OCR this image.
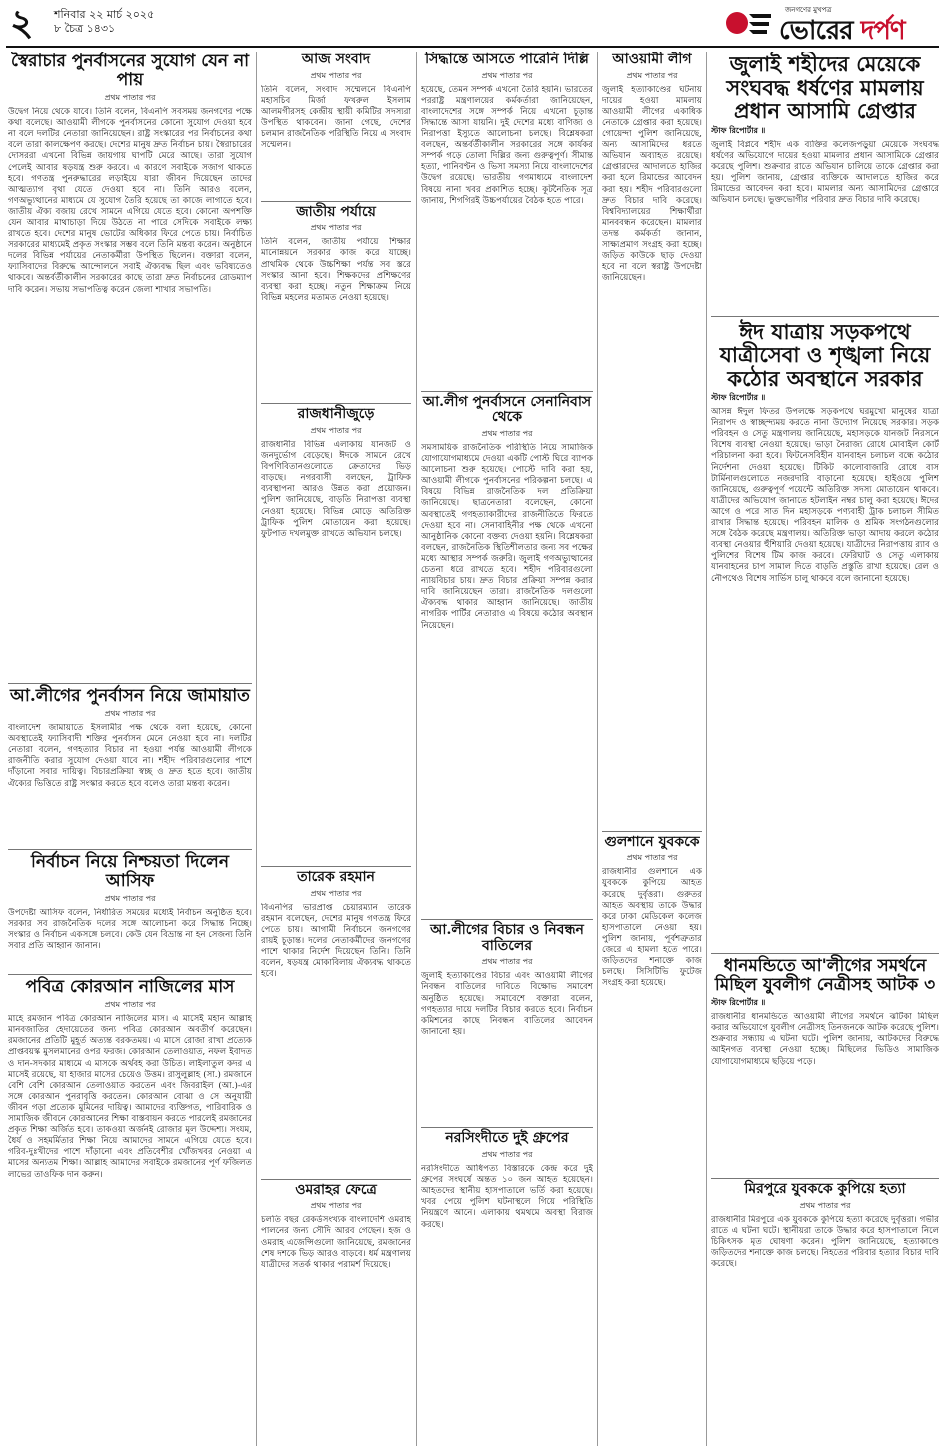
২ শনিবার ২২ মার্চ ২০২৫
৮ চৈত্র ১৪৩১
জনগণের মুখপত্র
ভোরের দর্পণ
স্বৈরাচার পুনর্বাসনের সুযোগ যেন না পায়
প্রথম পাতার পর
উদ্বেগ নিয়ে থেকে যাবে। তিনি বলেন, বিএনপি সবসময় জনগণের পক্ষে কথা বলেছে। আওয়ামী লীগকে পুনর্বাসনের কোনো সুযোগ দেওয়া হবে না বলে দলটির নেতারা জানিয়েছেন। রাষ্ট্র সংস্কারের পর নির্বাচনের কথা বলে তারা কালক্ষেপণ করছে। দেশের মানুষ দ্রুত নির্বাচন চায়। স্বৈরাচারের দোসররা এখনো বিভিন্ন জায়গায় ঘাপটি মেরে আছে। তারা সুযোগ পেলেই আবার ষড়যন্ত্র শুরু করবে। এ কারণে সবাইকে সজাগ থাকতে হবে। গণতন্ত্র পুনরুদ্ধারের লড়াইয়ে যারা জীবন দিয়েছেন তাদের আত্মত্যাগ বৃথা যেতে দেওয়া হবে না। তিনি আরও বলেন, গণঅভ্যুত্থানের মাধ্যমে যে সুযোগ তৈরি হয়েছে তা কাজে লাগাতে হবে। জাতীয় ঐক্য বজায় রেখে সামনে এগিয়ে যেতে হবে। কোনো অপশক্তি যেন আবার মাথাচাড়া দিয়ে উঠতে না পারে সেদিকে সবাইকে লক্ষ্য রাখতে হবে। দেশের মানুষ ভোটের অধিকার ফিরে পেতে চায়। নির্বাচিত সরকারের মাধ্যমেই প্রকৃত সংস্কার সম্ভব বলে তিনি মন্তব্য করেন। অনুষ্ঠানে দলের বিভিন্ন পর্যায়ের নেতাকর্মীরা উপস্থিত ছিলেন। বক্তারা বলেন, ফ্যাসিবাদের বিরুদ্ধে আন্দোলনে সবাই ঐক্যবদ্ধ ছিল এবং ভবিষ্যতেও থাকবে। অন্তর্বর্তীকালীন সরকারের কাছে তারা দ্রুত নির্বাচনের রোডম্যাপ দাবি করেন। সভায় সভাপতিত্ব করেন জেলা শাখার সভাপতি।
আ.লীগের পুনর্বাসন নিয়ে জামায়াত
প্রথম পাতার পর
বাংলাদেশ জামায়াতে ইসলামীর পক্ষ থেকে বলা হয়েছে, কোনো অবস্থাতেই ফ্যাসিবাদী শক্তির পুনর্বাসন মেনে নেওয়া হবে না। দলটির নেতারা বলেন, গণহত্যার বিচার না হওয়া পর্যন্ত আওয়ামী লীগকে রাজনীতি করার সুযোগ দেওয়া যাবে না। শহীদ পরিবারগুলোর পাশে দাঁড়ানো সবার দায়িত্ব। বিচারপ্রক্রিয়া স্বচ্ছ ও দ্রুত হতে হবে। জাতীয় ঐক্যের ভিত্তিতে রাষ্ট্র সংস্কার করতে হবে বলেও তারা মন্তব্য করেন।
নির্বাচন নিয়ে নিশ্চয়তা দিলেন আসিফ
প্রথম পাতার পর
উপদেষ্টা আসিফ বলেন, নির্ধারিত সময়ের মধ্যেই নির্বাচন অনুষ্ঠিত হবে। সরকার সব রাজনৈতিক দলের সঙ্গে আলোচনা করে সিদ্ধান্ত নিচ্ছে। সংস্কার ও নির্বাচন একসঙ্গে চলবে। কেউ যেন বিভ্রান্ত না হন সেজন্য তিনি সবার প্রতি আহ্বান জানান।
পবিত্র কোরআন নাজিলের মাস
প্রথম পাতার পর
মাহে রমজান পবিত্র কোরআন নাজিলের মাস। এ মাসেই মহান আল্লাহ মানবজাতির হেদায়েতের জন্য পবিত্র কোরআন অবতীর্ণ করেছেন। রমজানের প্রতিটি মুহূর্ত অত্যন্ত বরকতময়। এ মাসে রোজা রাখা প্রত্যেক প্রাপ্তবয়স্ক মুসলমানের ওপর ফরজ। কোরআন তেলাওয়াত, নফল ইবাদত ও দান-সদকার মাধ্যমে এ মাসকে অর্থবহ করা উচিত। লাইলাতুল কদর এ মাসেই রয়েছে, যা হাজার মাসের চেয়েও উত্তম। রাসুলুল্লাহ (সা.) রমজানে বেশি বেশি কোরআন তেলাওয়াত করতেন এবং জিবরাইল (আ.)-এর সঙ্গে কোরআন পুনরাবৃত্তি করতেন। কোরআন বোঝা ও সে অনুযায়ী জীবন গড়া প্রত্যেক মুমিনের দায়িত্ব। আমাদের ব্যক্তিগত, পারিবারিক ও সামাজিক জীবনে কোরআনের শিক্ষা বাস্তবায়ন করতে পারলেই রমজানের প্রকৃত শিক্ষা অর্জিত হবে। তাকওয়া অর্জনই রোজার মূল উদ্দেশ্য। সংযম, ধৈর্য ও সহমর্মিতার শিক্ষা নিয়ে আমাদের সামনে এগিয়ে যেতে হবে। গরিব-দুঃখীদের পাশে দাঁড়ানো এবং প্রতিবেশীর খোঁজখবর নেওয়া এ মাসের অন্যতম শিক্ষা। আল্লাহ আমাদের সবাইকে রমজানের পূর্ণ ফজিলত লাভের তাওফিক দান করুন।
আজ সংবাদ
প্রথম পাতার পর
তিনি বলেন, সংবাদ সম্মেলনে বিএনপি মহাসচিব মির্জা ফখরুল ইসলাম আলমগীরসহ কেন্দ্রীয় স্থায়ী কমিটির সদস্যরা উপস্থিত থাকবেন। জানা গেছে, দেশের চলমান রাজনৈতিক পরিস্থিতি নিয়ে এ সংবাদ সম্মেলন।
জাতীয় পর্যায়ে
প্রথম পাতার পর
তিনি বলেন, জাতীয় পর্যায়ে শিক্ষার মানোন্নয়নে সরকার কাজ করে যাচ্ছে। প্রাথমিক থেকে উচ্চশিক্ষা পর্যন্ত সব স্তরে সংস্কার আনা হবে। শিক্ষকদের প্রশিক্ষণের ব্যবস্থা করা হচ্ছে। নতুন শিক্ষাক্রম নিয়ে বিভিন্ন মহলের মতামত নেওয়া হয়েছে।
রাজধানীজুড়ে
প্রথম পাতার পর
রাজধানীর বিভিন্ন এলাকায় যানজট ও জনদুর্ভোগ বেড়েছে। ঈদকে সামনে রেখে বিপণিবিতানগুলোতে ক্রেতাদের ভিড় বাড়ছে। নগরবাসী বলছেন, ট্রাফিক ব্যবস্থাপনা আরও উন্নত করা প্রয়োজন। পুলিশ জানিয়েছে, বাড়তি নিরাপত্তা ব্যবস্থা নেওয়া হয়েছে। বিভিন্ন মোড়ে অতিরিক্ত ট্রাফিক পুলিশ মোতায়েন করা হয়েছে। ফুটপাত দখলমুক্ত রাখতে অভিযান চলছে।
তারেক রহমান
প্রথম পাতার পর
বিএনপির ভারপ্রাপ্ত চেয়ারম্যান তারেক রহমান বলেছেন, দেশের মানুষ গণতন্ত্র ফিরে পেতে চায়। আগামী নির্বাচনে জনগণের রায়ই চূড়ান্ত। দলের নেতাকর্মীদের জনগণের পাশে থাকার নির্দেশ দিয়েছেন তিনি। তিনি বলেন, ষড়যন্ত্র মোকাবিলায় ঐক্যবদ্ধ থাকতে হবে।
ওমরাহর ফেত্রে
প্রথম পাতার পর
চলতি বছর রেকর্ডসংখ্যক বাংলাদেশি ওমরাহ পালনের জন্য সৌদি আরব গেছেন। হজ ও ওমরাহ এজেন্সিগুলো জানিয়েছে, রমজানের শেষ দশকে ভিড় আরও বাড়বে। ধর্ম মন্ত্রণালয় যাত্রীদের সতর্ক থাকার পরামর্শ দিয়েছে।
সিদ্ধান্তে আসতে পারেনি দিল্লি
প্রথম পাতার পর
হয়েছে, তেমন সম্পর্ক এখনো তৈরি হয়নি। ভারতের পররাষ্ট্র মন্ত্রণালয়ের কর্মকর্তারা জানিয়েছেন, বাংলাদেশের সঙ্গে সম্পর্ক নিয়ে এখনো চূড়ান্ত সিদ্ধান্তে আসা যায়নি। দুই দেশের মধ্যে বাণিজ্য ও নিরাপত্তা ইস্যুতে আলোচনা চলছে। বিশ্লেষকরা বলছেন, অন্তর্বর্তীকালীন সরকারের সঙ্গে কার্যকর সম্পর্ক গড়ে তোলা দিল্লির জন্য গুরুত্বপূর্ণ। সীমান্ত হত্যা, পানিবণ্টন ও ভিসা সমস্যা নিয়ে বাংলাদেশের উদ্বেগ রয়েছে। ভারতীয় গণমাধ্যমে বাংলাদেশ বিষয়ে নানা খবর প্রকাশিত হচ্ছে। কূটনৈতিক সূত্র জানায়, শিগগিরই উচ্চপর্যায়ের বৈঠক হতে পারে।
আ.লীগ পুনর্বাসনে সেনানিবাস থেকে
প্রথম পাতার পর
সমসাময়িক রাজনৈতিক পরিস্থিতি নিয়ে সামাজিক যোগাযোগমাধ্যমে দেওয়া একটি পোস্ট ঘিরে ব্যাপক আলোচনা শুরু হয়েছে। পোস্টে দাবি করা হয়, আওয়ামী লীগকে পুনর্বাসনের পরিকল্পনা চলছে। এ বিষয়ে বিভিন্ন রাজনৈতিক দল প্রতিক্রিয়া জানিয়েছে। ছাত্রনেতারা বলেছেন, কোনো অবস্থাতেই গণহত্যাকারীদের রাজনীতিতে ফিরতে দেওয়া হবে না। সেনাবাহিনীর পক্ষ থেকে এখনো আনুষ্ঠানিক কোনো বক্তব্য দেওয়া হয়নি। বিশ্লেষকরা বলছেন, রাজনৈতিক স্থিতিশীলতার জন্য সব পক্ষের মধ্যে আস্থার সম্পর্ক জরুরি। জুলাই গণঅভ্যুত্থানের চেতনা ধরে রাখতে হবে। শহীদ পরিবারগুলো ন্যায়বিচার চায়। দ্রুত বিচার প্রক্রিয়া সম্পন্ন করার দাবি জানিয়েছেন তারা। রাজনৈতিক দলগুলো ঐক্যবদ্ধ থাকার আহ্বান জানিয়েছে। জাতীয় নাগরিক পার্টির নেতারাও এ বিষয়ে কঠোর অবস্থান নিয়েছেন।
আ.লীগের বিচার ও নিবন্ধন বাতিলের
প্রথম পাতার পর
জুলাই হত্যাকাণ্ডের বিচার এবং আওয়ামী লীগের নিবন্ধন বাতিলের দাবিতে বিক্ষোভ সমাবেশ অনুষ্ঠিত হয়েছে। সমাবেশে বক্তারা বলেন, গণহত্যার দায়ে দলটির বিচার করতে হবে। নির্বাচন কমিশনের কাছে নিবন্ধন বাতিলের আবেদন জানানো হয়।
নরসিংদীতে দুই গ্রুপের
প্রথম পাতার পর
নরসিংদীতে আধিপত্য বিস্তারকে কেন্দ্র করে দুই গ্রুপের সংঘর্ষে অন্তত ১০ জন আহত হয়েছেন। আহতদের স্থানীয় হাসপাতালে ভর্তি করা হয়েছে। খবর পেয়ে পুলিশ ঘটনাস্থলে গিয়ে পরিস্থিতি নিয়ন্ত্রণে আনে। এলাকায় থমথমে অবস্থা বিরাজ করছে।
আওয়ামী লীগ
প্রথম পাতার পর
জুলাই হত্যাকাণ্ডের ঘটনায় দায়ের হওয়া মামলায় আওয়ামী লীগের একাধিক নেতাকে গ্রেপ্তার করা হয়েছে। গোয়েন্দা পুলিশ জানিয়েছে, অন্য আসামিদের ধরতে অভিযান অব্যাহত রয়েছে। গ্রেপ্তারদের আদালতে হাজির করা হলে রিমান্ডের আবেদন করা হয়। শহীদ পরিবারগুলো দ্রুত বিচার দাবি করেছে। বিশ্ববিদ্যালয়ের শিক্ষার্থীরা মানববন্ধন করেছেন। মামলার তদন্ত কর্মকর্তা জানান, সাক্ষ্যপ্রমাণ সংগ্রহ করা হচ্ছে। জড়িত কাউকে ছাড় দেওয়া হবে না বলে স্বরাষ্ট্র উপদেষ্টা জানিয়েছেন।
গুলশানে যুবককে
প্রথম পাতার পর
রাজধানীর গুলশানে এক যুবককে কুপিয়ে আহত করেছে দুর্বৃত্তরা। গুরুতর আহত অবস্থায় তাকে উদ্ধার করে ঢাকা মেডিকেল কলেজ হাসপাতালে নেওয়া হয়। পুলিশ জানায়, পূর্বশত্রুতার জেরে এ হামলা হতে পারে। জড়িতদের শনাক্তে কাজ চলছে। সিসিটিভি ফুটেজ সংগ্রহ করা হয়েছে।
জুলাই শহীদের মেয়েকে সংঘবদ্ধ ধর্ষণের মামলায় প্রধান আসামি গ্রেপ্তার
স্টাফ রিপোর্টার ॥
জুলাই বিপ্লবে শহীদ এক ব্যক্তির কলেজপড়ুয়া মেয়েকে সংঘবদ্ধ ধর্ষণের অভিযোগে দায়ের হওয়া মামলার প্রধান আসামিকে গ্রেপ্তার করেছে পুলিশ। শুক্রবার রাতে অভিযান চালিয়ে তাকে গ্রেপ্তার করা হয়। পুলিশ জানায়, গ্রেপ্তার ব্যক্তিকে আদালতে হাজির করে রিমান্ডের আবেদন করা হবে। মামলার অন্য আসামিদের গ্রেপ্তারে অভিযান চলছে। ভুক্তভোগীর পরিবার দ্রুত বিচার দাবি করেছে।
ঈদ যাত্রায় সড়কপথে যাত্রীসেবা ও শৃঙ্খলা নিয়ে কঠোর অবস্থানে সরকার
স্টাফ রিপোর্টার ॥
আসন্ন ঈদুল ফিতর উপলক্ষে সড়কপথে ঘরমুখো মানুষের যাত্রা নিরাপদ ও স্বাচ্ছন্দ্যময় করতে নানা উদ্যোগ নিয়েছে সরকার। সড়ক পরিবহন ও সেতু মন্ত্রণালয় জানিয়েছে, মহাসড়কে যানজট নিরসনে বিশেষ ব্যবস্থা নেওয়া হয়েছে। ভাড়া নৈরাজ্য রোধে মোবাইল কোর্ট পরিচালনা করা হবে। ফিটনেসবিহীন যানবাহন চলাচল বন্ধে কঠোর নির্দেশনা দেওয়া হয়েছে। টিকিট কালোবাজারি রোধে বাস টার্মিনালগুলোতে নজরদারি বাড়ানো হয়েছে। হাইওয়ে পুলিশ জানিয়েছে, গুরুত্বপূর্ণ পয়েন্টে অতিরিক্ত সদস্য মোতায়েন থাকবে। যাত্রীদের অভিযোগ জানাতে হটলাইন নম্বর চালু করা হয়েছে। ঈদের আগে ও পরে সাত দিন মহাসড়কে পণ্যবাহী ট্রাক চলাচল সীমিত রাখার সিদ্ধান্ত হয়েছে। পরিবহন মালিক ও শ্রমিক সংগঠনগুলোর সঙ্গে বৈঠক করেছে মন্ত্রণালয়। অতিরিক্ত ভাড়া আদায় করলে কঠোর ব্যবস্থা নেওয়ার হুঁশিয়ারি দেওয়া হয়েছে। যাত্রীদের নিরাপত্তায় র‌্যাব ও পুলিশের বিশেষ টিম কাজ করবে। ফেরিঘাট ও সেতু এলাকায় যানবাহনের চাপ সামাল দিতে বাড়তি প্রস্তুতি রাখা হয়েছে। রেল ও নৌপথেও বিশেষ সার্ভিস চালু থাকবে বলে জানানো হয়েছে।
ধানমন্ডিতে আ'লীগের সমর্থনে মিছিল যুবলীগ নেত্রীসহ আটক ৩
স্টাফ রিপোর্টার ॥
রাজধানীর ধানমন্ডিতে আওয়ামী লীগের সমর্থনে ঝটিকা মিছিল করার অভিযোগে যুবলীগ নেত্রীসহ তিনজনকে আটক করেছে পুলিশ। শুক্রবার সন্ধ্যায় এ ঘটনা ঘটে। পুলিশ জানায়, আটকদের বিরুদ্ধে আইনগত ব্যবস্থা নেওয়া হচ্ছে। মিছিলের ভিডিও সামাজিক যোগাযোগমাধ্যমে ছড়িয়ে পড়ে।
মিরপুরে যুবককে কুপিয়ে হত্যা
প্রথম পাতার পর
রাজধানীর মিরপুরে এক যুবককে কুপিয়ে হত্যা করেছে দুর্বৃত্তরা। গভীর রাতে এ ঘটনা ঘটে। স্থানীয়রা তাকে উদ্ধার করে হাসপাতালে নিলে চিকিৎসক মৃত ঘোষণা করেন। পুলিশ জানিয়েছে, হত্যাকাণ্ডে জড়িতদের শনাক্তে কাজ চলছে। নিহতের পরিবার হত্যার বিচার দাবি করেছে।
